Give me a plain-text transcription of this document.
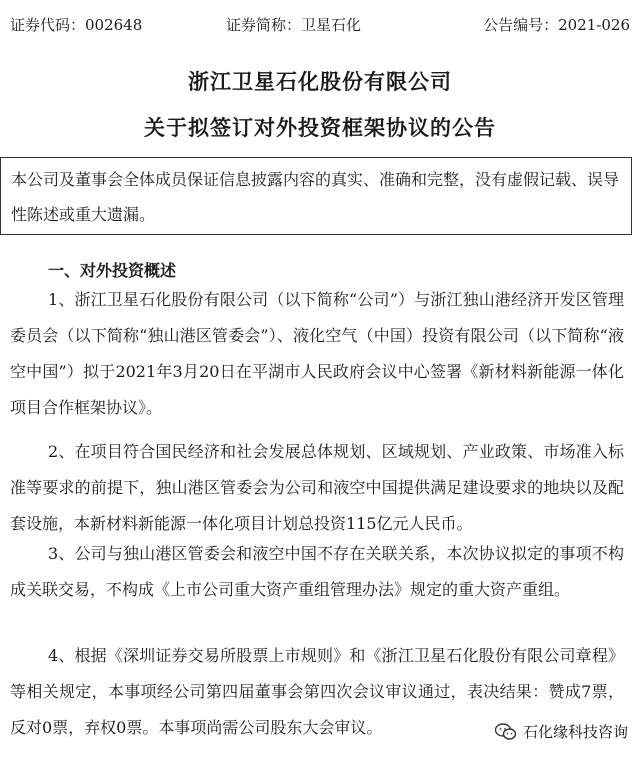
证券代码：002648	证券简称：卫星石化	公告编号：2021-026
浙江卫星石化股份有限公司
关于拟签订对外投资框架协议的公告
本公司及董事会全体成员保证信息披露内容的真实、准确和完整，没有虚假记载、误导性陈述或重大遗漏。
一、对外投资概述

1、浙江卫星石化股份有限公司（以下简称“公司”）与浙江独山港经济开发区管理委员会（以下简称“独山港区管委会”）、液化空气（中国）投资有限公司（以下简称“液空中国”）拟于2021年3月20日在平湖市人民政府会议中心签署《新材料新能源一体化项目合作框架协议》。

2、在项目符合国民经济和社会发展总体规划、区域规划、产业政策、市场准入标准等要求的前提下，独山港区管委会为公司和液空中国提供满足建设要求的地块以及配套设施，本新材料新能源一体化项目计划总投资115亿元人民币。

3、公司与独山港区管委会和液空中国不存在关联关系，本次协议拟定的事项不构成关联交易，不构成《上市公司重大资产重组管理办法》规定的重大资产重组。

4、根据《深圳证券交易所股票上市规则》和《浙江卫星石化股份有限公司章程》等相关规定，本事项经公司第四届董事会第四次会议审议通过，表决结果：赞成7票，反对0票，弃权0票。本事项尚需公司股东大会审议。	石化缘科技咨询
